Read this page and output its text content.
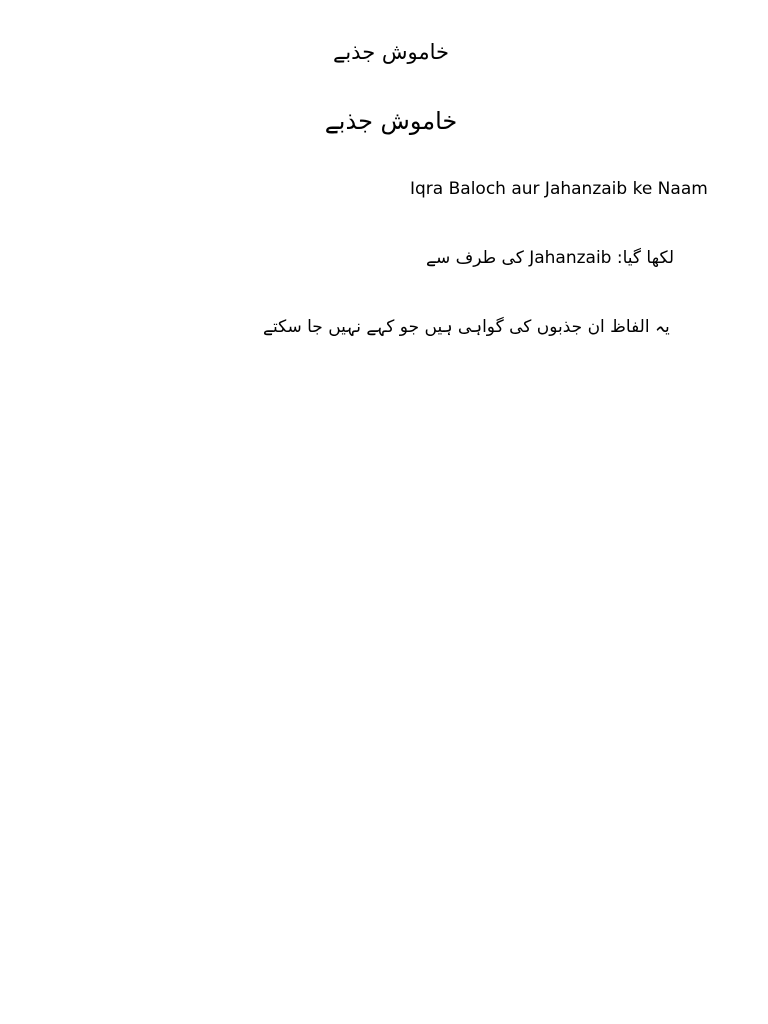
خاموش جذبے
خاموش جذبے

Iqra Baloch aur Jahanzaib ke Naam

لکھا گیا: Jahanzaib کی طرف سے

یہ الفاظ ان جذبوں کی گواہی ہیں جو کہے نہیں جا سکتے
